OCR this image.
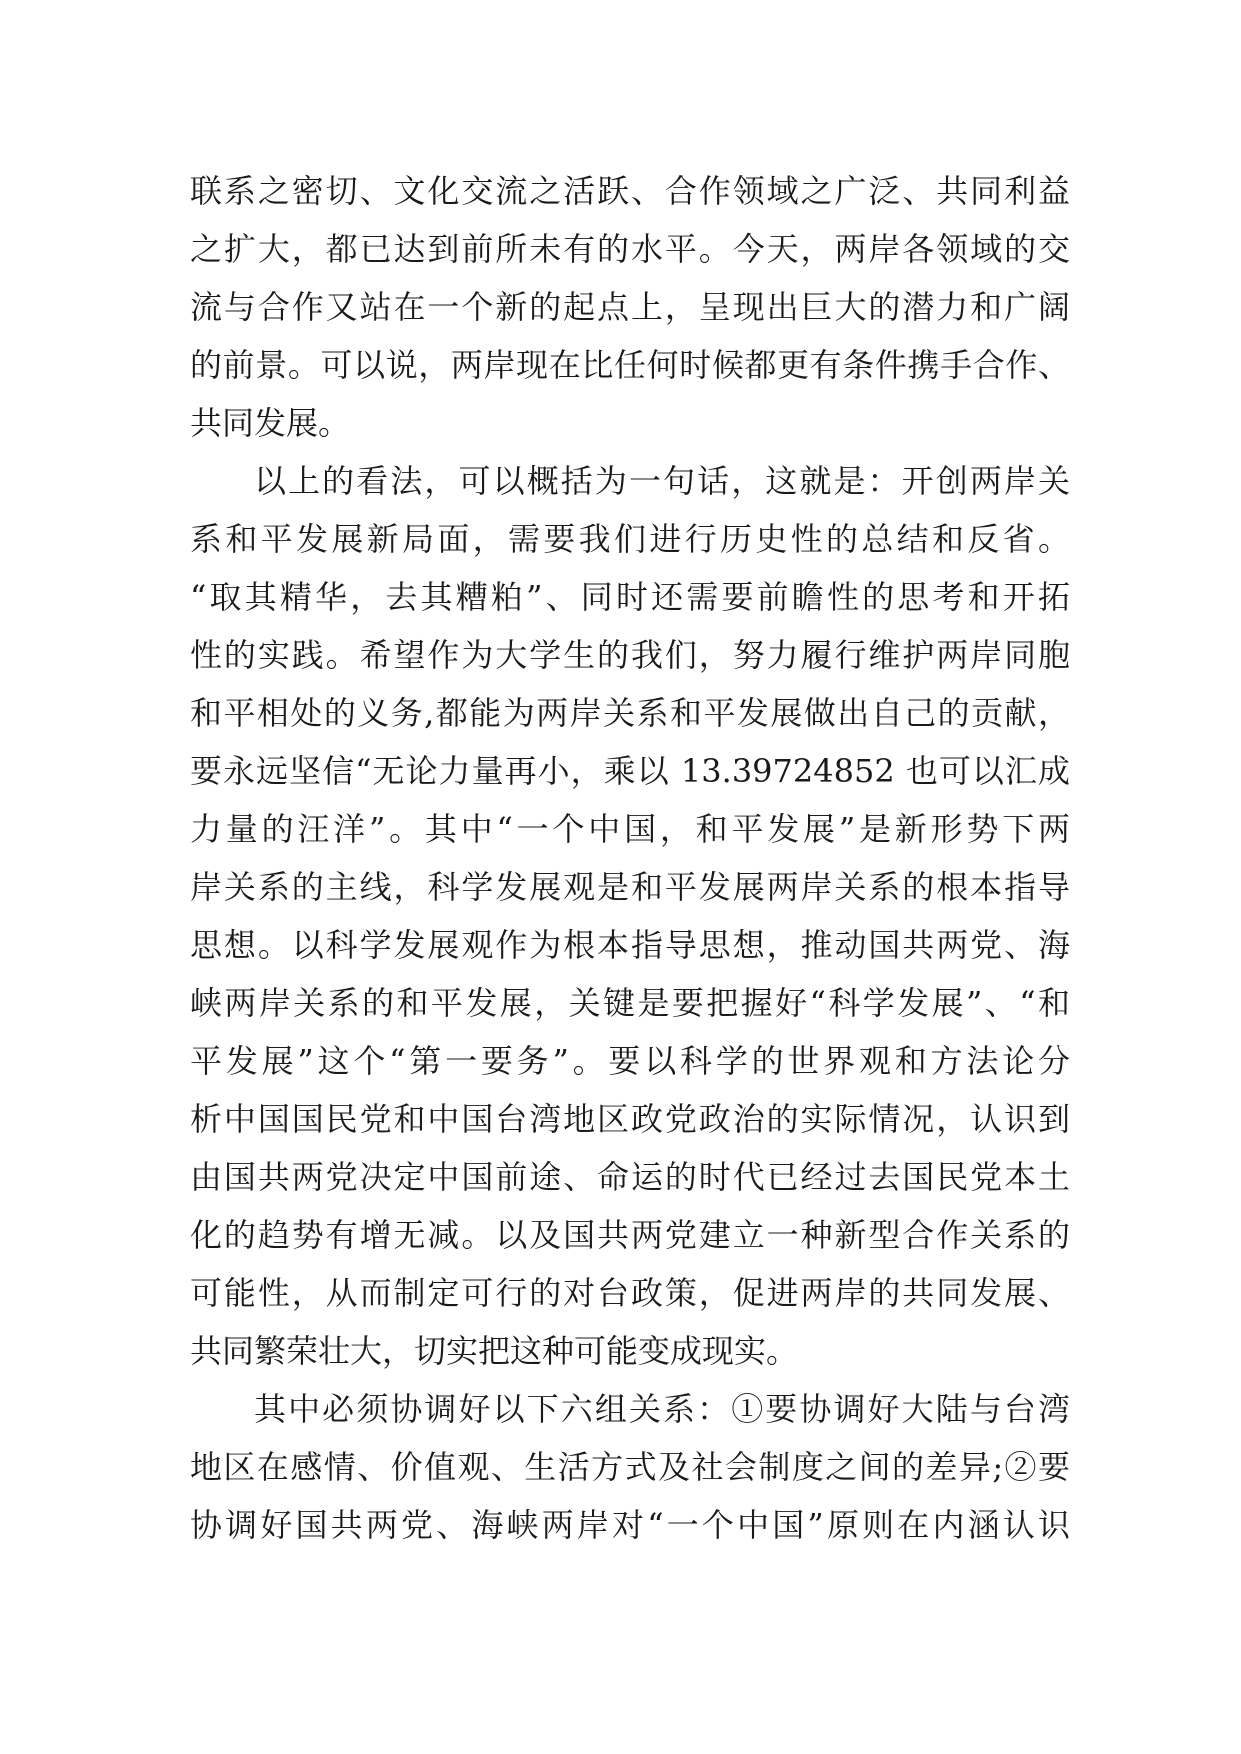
联系之密切、文化交流之活跃、合作领域之广泛、共同利益
之扩大，都已达到前所未有的水平。今天，两岸各领域的交
流与合作又站在一个新的起点上，呈现出巨大的潜力和广阔
的前景。可以说，两岸现在比任何时候都更有条件携手合作、
共同发展。
以上的看法，可以概括为一句话，这就是：开创两岸关
系和平发展新局面，需要我们进行历史性的总结和反省。
“取其精华，去其糟粕”、同时还需要前瞻性的思考和开拓
性的实践。希望作为大学生的我们，努力履行维护两岸同胞
和平相处的义务,都能为两岸关系和平发展做出自己的贡献，
要永远坚信“无论力量再小，乘以 13.39724852 也可以汇成
力量的汪洋”。其中“一个中国，和平发展”是新形势下两
岸关系的主线，科学发展观是和平发展两岸关系的根本指导
思想。以科学发展观作为根本指导思想，推动国共两党、海
峡两岸关系的和平发展，关键是要把握好“科学发展”、“和
平发展”这个“第一要务”。要以科学的世界观和方法论分
析中国国民党和中国台湾地区政党政治的实际情况，认识到
由国共两党决定中国前途、命运的时代已经过去国民党本土
化的趋势有增无减。以及国共两党建立一种新型合作关系的
可能性，从而制定可行的对台政策，促进两岸的共同发展、
共同繁荣壮大，切实把这种可能变成现实。
其中必须协调好以下六组关系：①要协调好大陆与台湾
地区在感情、价值观、生活方式及社会制度之间的差异;②要
协调好国共两党、海峡两岸对“一个中国”原则在内涵认识
